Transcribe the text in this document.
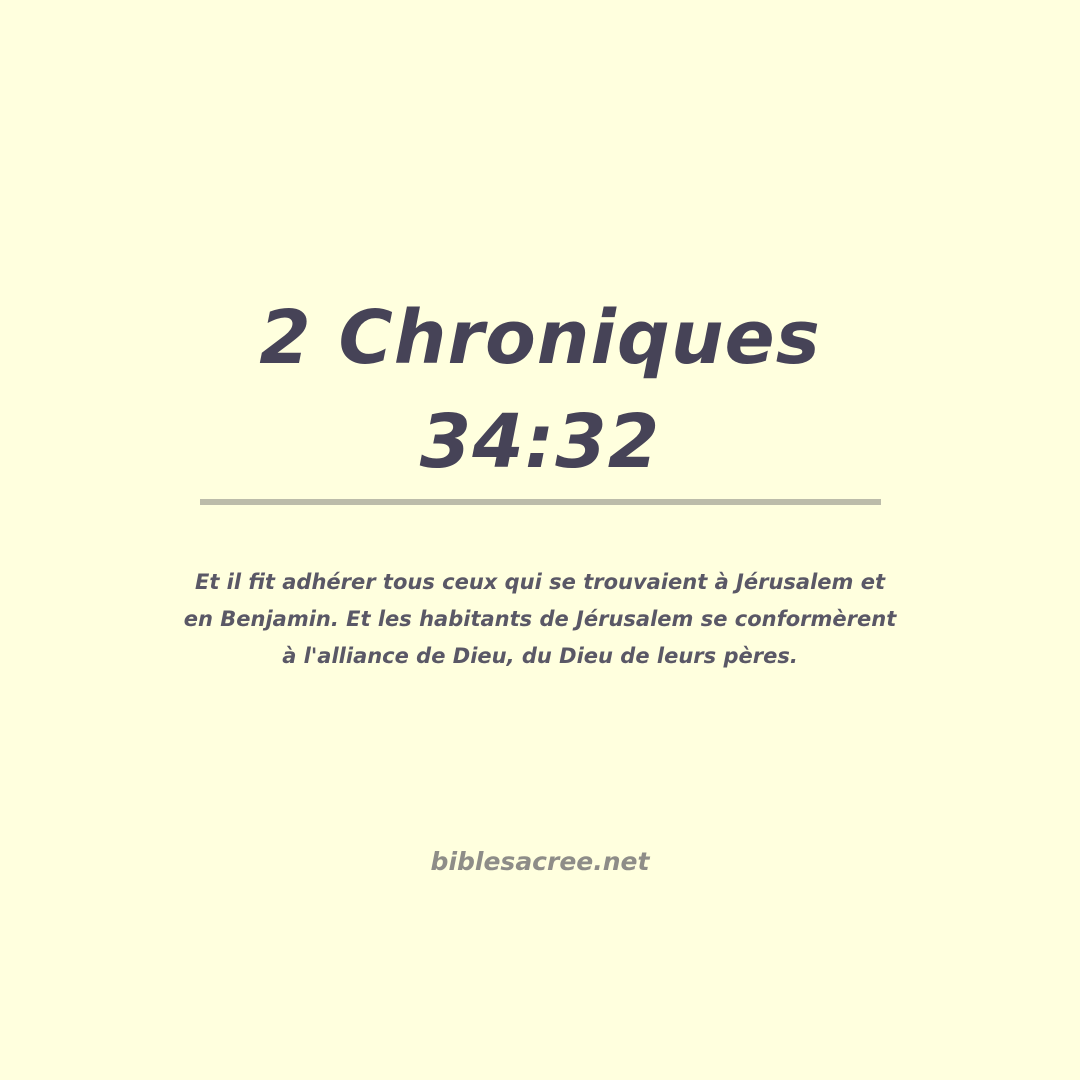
2 Chroniques
34:32

Et il fit adhérer tous ceux qui se trouvaient à Jérusalem et en Benjamin. Et les habitants de Jérusalem se conformèrent à l'alliance de Dieu, du Dieu de leurs pères.

biblesacree.net
